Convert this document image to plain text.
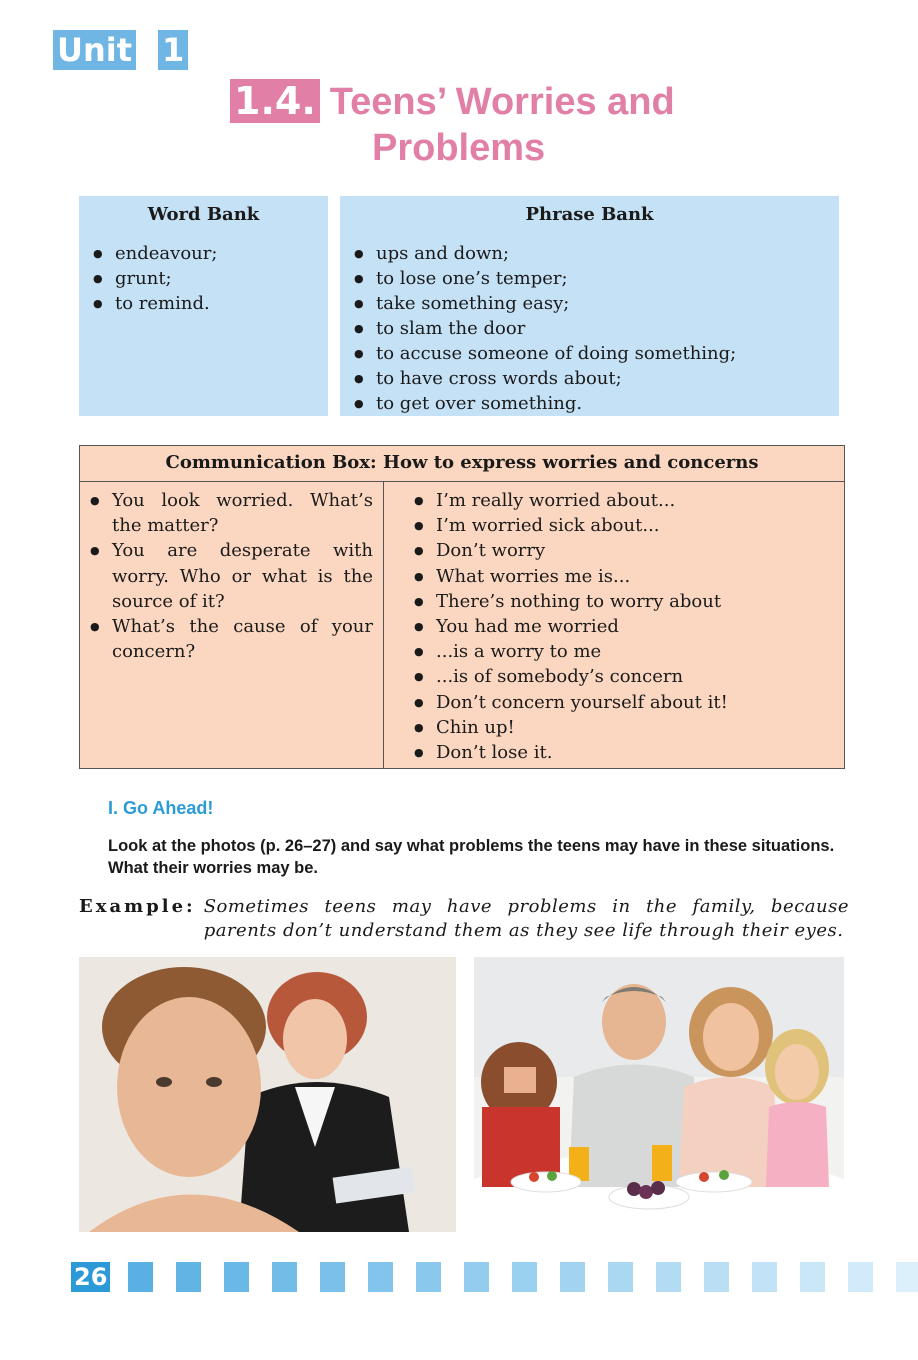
Unit 1
1.4. Teens’ Worries and
Problems
Word Bank
● endeavour;
● grunt;
● to remind.
Phrase Bank
● ups and down;
● to lose one’s temper;
● take something easy;
● to slam the door
● to accuse someone of doing something;
● to have cross words about;
● to get over something.
Communication Box: How to express worries and concerns
● You look worried. What’s the matter?
● You are desperate with worry. Who or what is the source of it?
● What’s the cause of your concern?
● I’m really worried about...
● I’m worried sick about...
● Don’t worry
● What worries me is...
● There’s nothing to worry about
● You had me worried
● ...is a worry to me
● ...is of somebody’s concern
● Don’t concern yourself about it!
● Chin up!
● Don’t lose it.
I. Go Ahead!
Look at the photos (p. 26–27) and say what problems the teens may have in these situations. What their worries may be.
Example: Sometimes teens may have problems in the family, because parents don’t understand them as they see life through their eyes.
26
